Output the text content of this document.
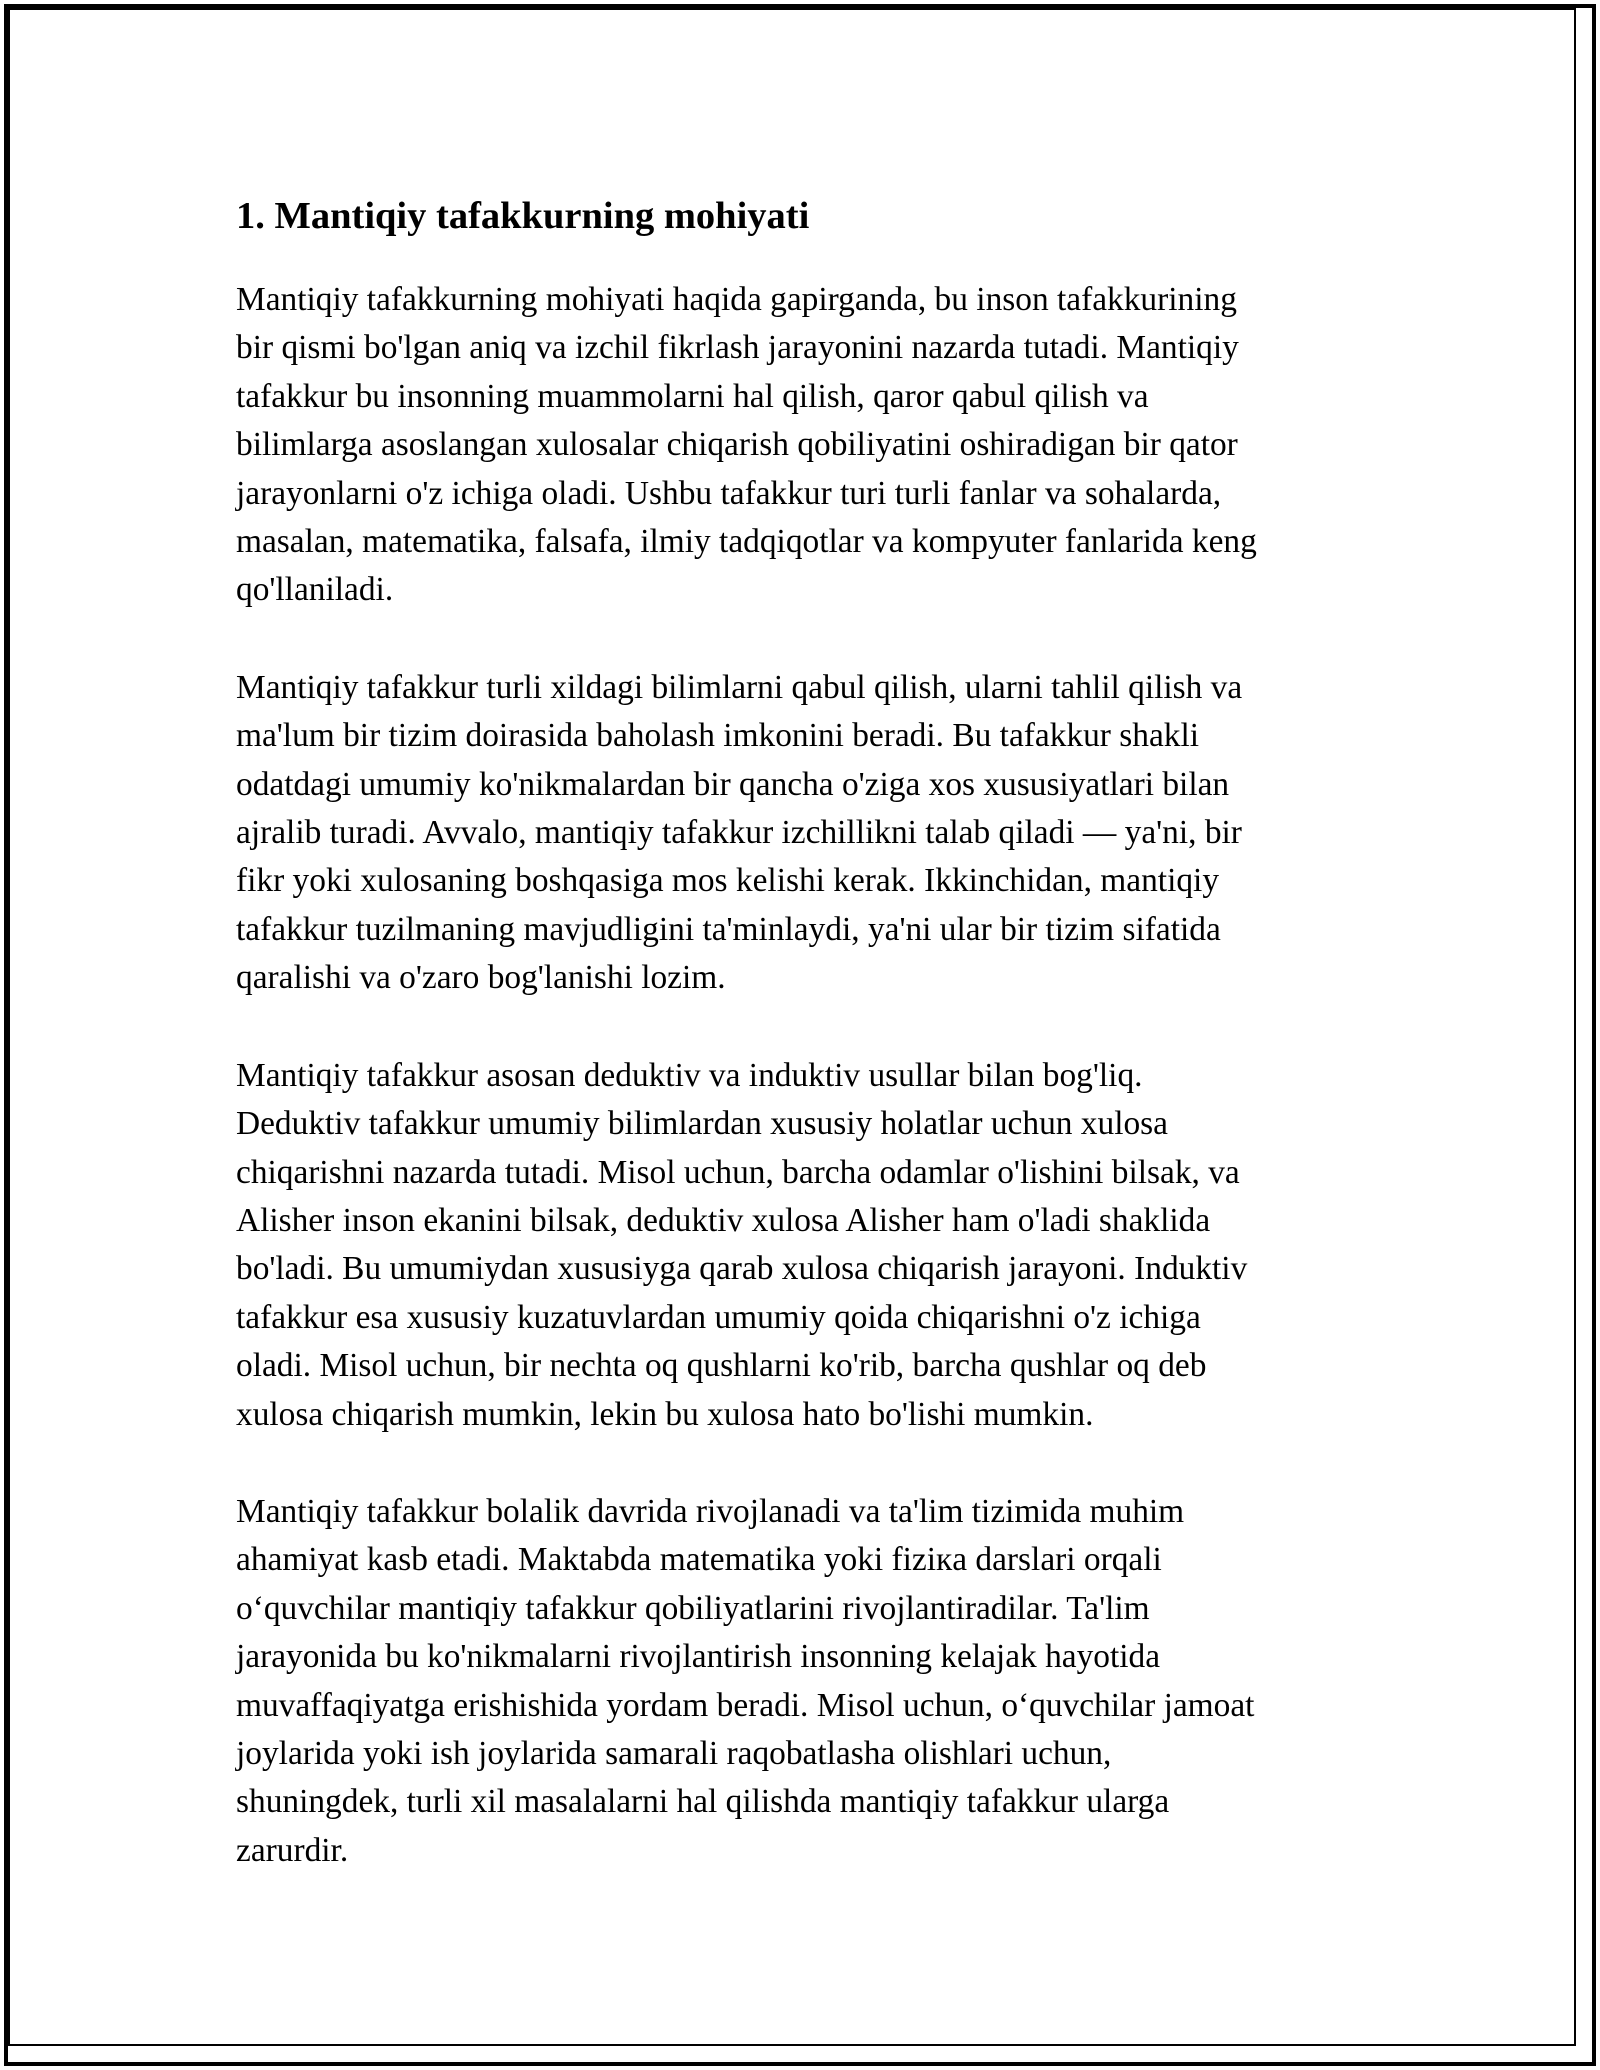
1. Mantiqiy tafakkurning mohiyati

Mantiqiy tafakkurning mohiyati haqida gapirganda, bu inson tafakkurining
bir qismi bo'lgan aniq va izchil fikrlash jarayonini nazarda tutadi. Mantiqiy
tafakkur bu insonning muammolarni hal qilish, qaror qabul qilish va
bilimlarga asoslangan xulosalar chiqarish qobiliyatini oshiradigan bir qator
jarayonlarni o'z ichiga oladi. Ushbu tafakkur turi turli fanlar va sohalarda,
masalan, matematika, falsafa, ilmiy tadqiqotlar va kompyuter fanlarida keng
qo'llaniladi.

Mantiqiy tafakkur turli xildagi bilimlarni qabul qilish, ularni tahlil qilish va
ma'lum bir tizim doirasida baholash imkonini beradi. Bu tafakkur shakli
odatdagi umumiy ko'nikmalardan bir qancha o'ziga xos xususiyatlari bilan
ajralib turadi. Avvalo, mantiqiy tafakkur izchillikni talab qiladi — ya'ni, bir
fikr yoki xulosaning boshqasiga mos kelishi kerak. Ikkinchidan, mantiqiy
tafakkur tuzilmaning mavjudligini ta'minlaydi, ya'ni ular bir tizim sifatida
qaralishi va o'zaro bog'lanishi lozim.

Mantiqiy tafakkur asosan deduktiv va induktiv usullar bilan bog'liq.
Deduktiv tafakkur umumiy bilimlardan xususiy holatlar uchun xulosa
chiqarishni nazarda tutadi. Misol uchun, barcha odamlar o'lishini bilsak, va
Alisher inson ekanini bilsak, deduktiv xulosa Alisher ham o'ladi shaklida
bo'ladi. Bu umumiydan xususiyga qarab xulosa chiqarish jarayoni. Induktiv
tafakkur esa xususiy kuzatuvlardan umumiy qoida chiqarishni o'z ichiga
oladi. Misol uchun, bir nechta oq qushlarni ko'rib, barcha qushlar oq deb
xulosa chiqarish mumkin, lekin bu xulosa hato bo'lishi mumkin.

Mantiqiy tafakkur bolalik davrida rivojlanadi va ta'lim tizimida muhim
ahamiyat kasb etadi. Maktabda matematika yoki fiziкa darslari orqali
o‘quvchilar mantiqiy tafakkur qobiliyatlarini rivojlantiradilar. Ta'lim
jarayonida bu ko'nikmalarni rivojlantirish insonning kelajak hayotida
muvaffaqiyatga erishishida yordam beradi. Misol uchun, o‘quvchilar jamoat
joylarida yoki ish joylarida samarali raqobatlasha olishlari uchun,
shuningdek, turli xil masalalarni hal qilishda mantiqiy tafakkur ularga
zarurdir.
